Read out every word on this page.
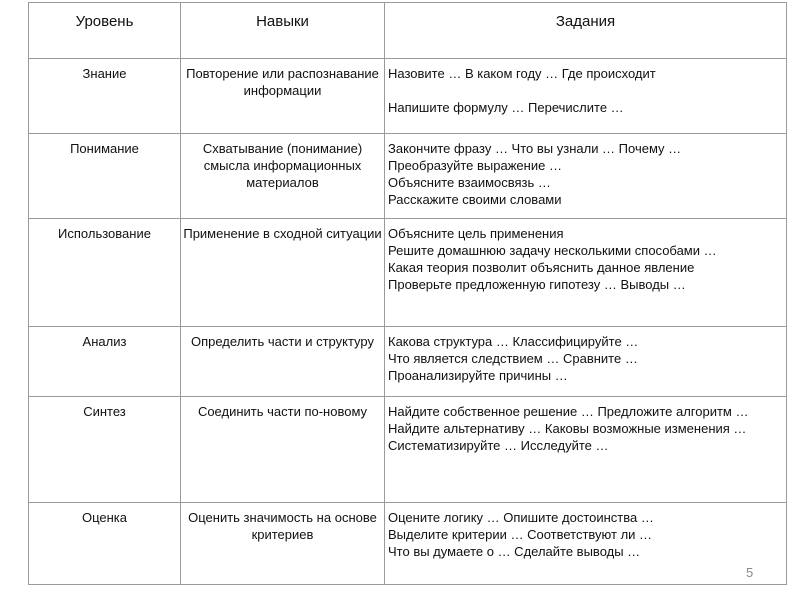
Уровень	Навыки	Задания
Знание	Повторение или распознавание информации	Назовите … В каком году … Где происходит
Напишите формулу … Перечислите …

Понимание	Схватывание (понимание) смысла информационных материалов	Закончите фразу … Что вы узнали … Почему …
Преобразуйте выражение …
Объясните взаимосвязь …
Расскажите своими словами

Использование	Применение в сходной ситуации	Объясните цель применения
Решите домашнюю задачу несколькими способами …
Какая теория позволит объяснить данное явление
Проверьте предложенную гипотезу … Выводы …

Анализ	Определить части и структуру	Какова структура … Классифицируйте …
Что является следствием … Сравните …
Проанализируйте причины …

Синтез	Соединить части по-новому	Найдите собственное решение … Предложите алгоритм …
Найдите альтернативу … Каковы возможные изменения …
Систематизируйте … Исследуйте …

Оценка	Оценить значимость на основе критериев	Оцените логику … Опишите достоинства …
Выделите критерии … Соответствуют ли …
Что вы думаете о … Сделайте выводы …
5
